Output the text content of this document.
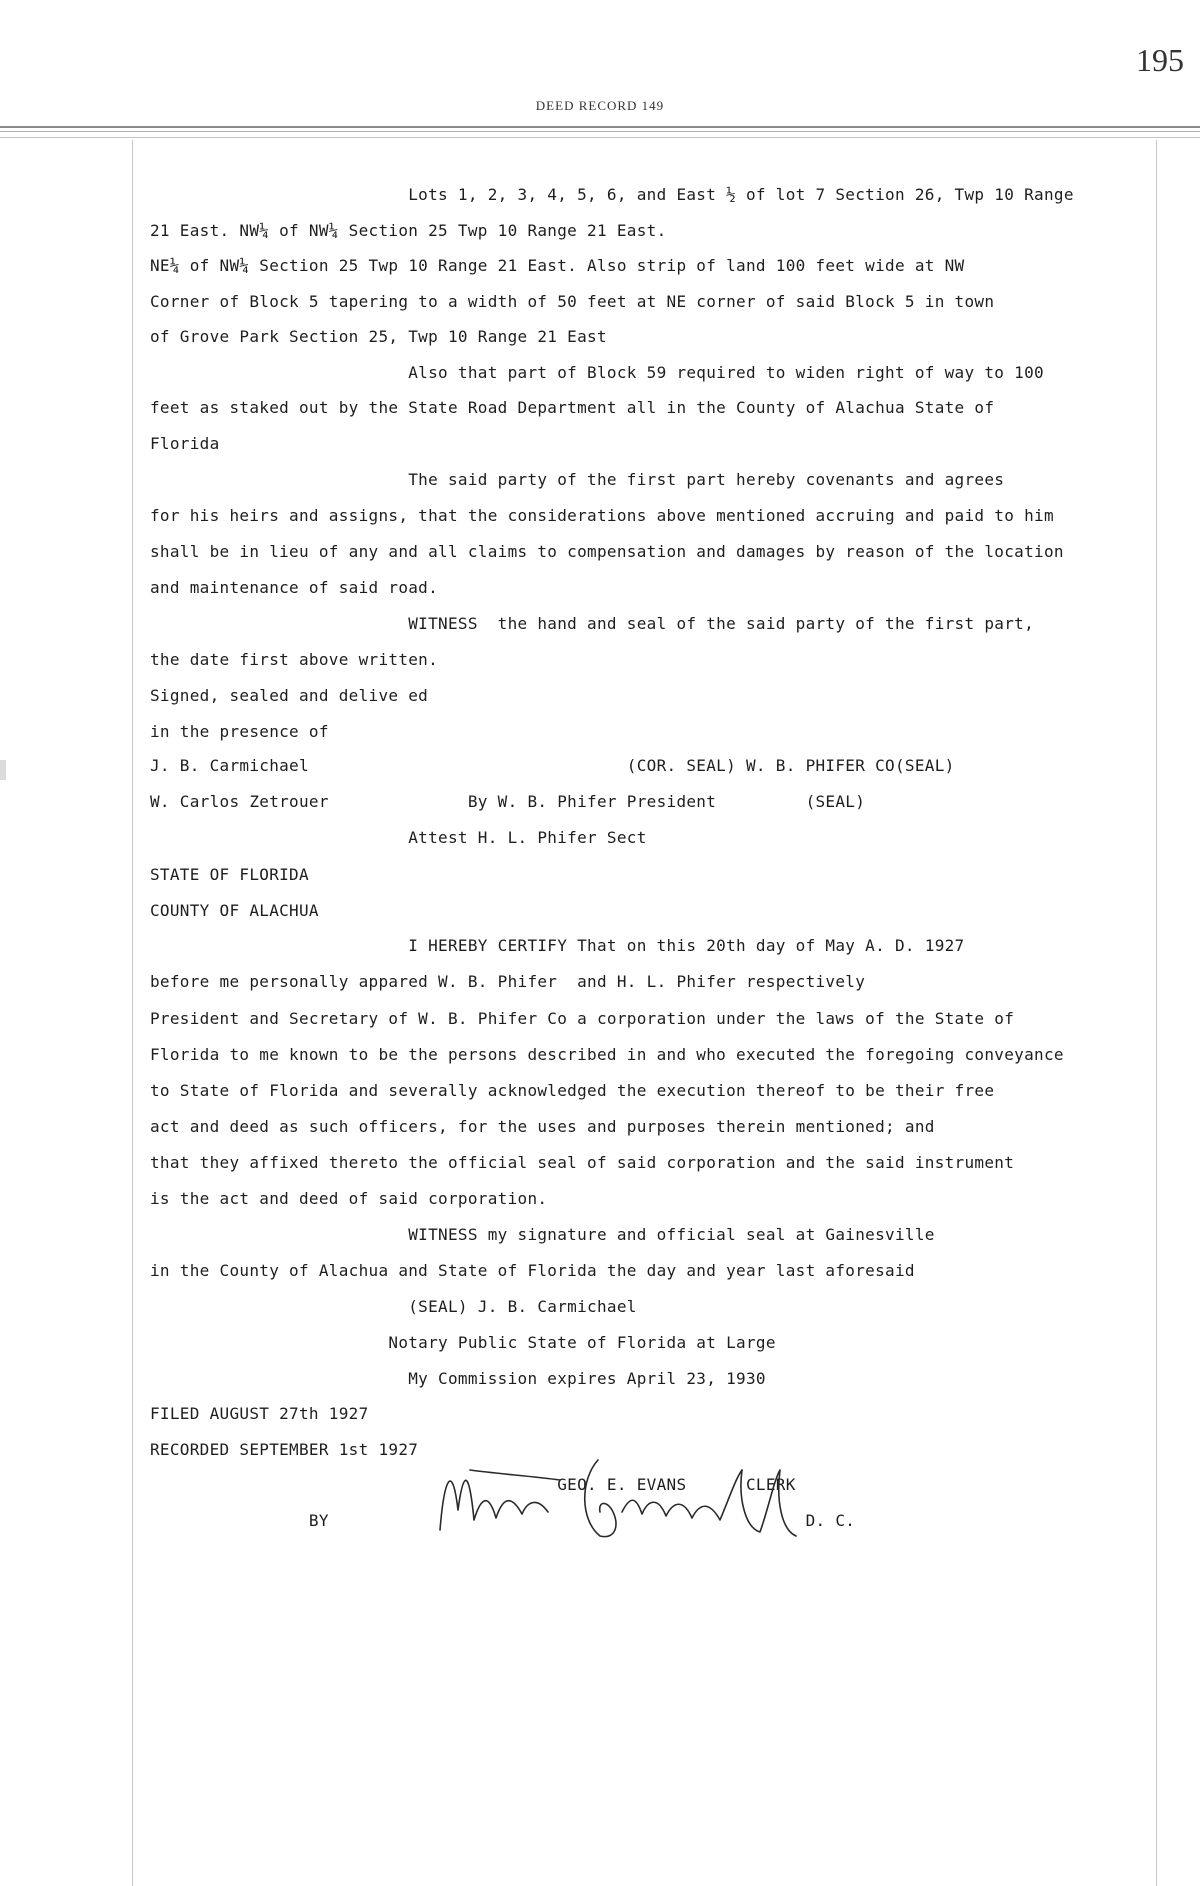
195
DEED RECORD 149
Lots 1, 2, 3, 4, 5, 6, and East ½ of lot 7 Section 26, Twp 10 Range
21 East. NW¼ of NW¼ Section 25 Twp 10 Range 21 East.
NE¼ of NW¼ Section 25 Twp 10 Range 21 East. Also strip of land 100 feet wide at NW
Corner of Block 5 tapering to a width of 50 feet at NE corner of said Block 5 in town
of Grove Park Section 25, Twp 10 Range 21 East
Also that part of Block 59 required to widen right of way to 100
feet as staked out by the State Road Department all in the County of Alachua State of
Florida
The said party of the first part hereby covenants and agrees
for his heirs and assigns, that the considerations above mentioned accruing and paid to him
shall be in lieu of any and all claims to compensation and damages by reason of the location
and maintenance of said road.
WITNESS  the hand and seal of the said party of the first part,
the date first above written.
Signed, sealed and delive ed
in the presence of
J. B. Carmichael                                (COR. SEAL) W. B. PHIFER CO(SEAL)
W. Carlos Zetrouer              By W. B. Phifer President         (SEAL)
Attest H. L. Phifer Sect
STATE OF FLORIDA
COUNTY OF ALACHUA
I HEREBY CERTIFY That on this 20th day of May A. D. 1927
before me personally appared W. B. Phifer  and H. L. Phifer respectively
President and Secretary of W. B. Phifer Co a corporation under the laws of the State of
Florida to me known to be the persons described in and who executed the foregoing conveyance
to State of Florida and severally acknowledged the execution thereof to be their free
act and deed as such officers, for the uses and purposes therein mentioned; and
that they affixed thereto the official seal of said corporation and the said instrument
is the act and deed of said corporation.
WITNESS my signature and official seal at Gainesville
in the County of Alachua and State of Florida the day and year last aforesaid
(SEAL) J. B. Carmichael
Notary Public State of Florida at Large
My Commission expires April 23, 1930
FILED AUGUST 27th 1927
RECORDED SEPTEMBER 1st 1927
GEO. E. EVANS      CLERK
BY                                                D. C.
